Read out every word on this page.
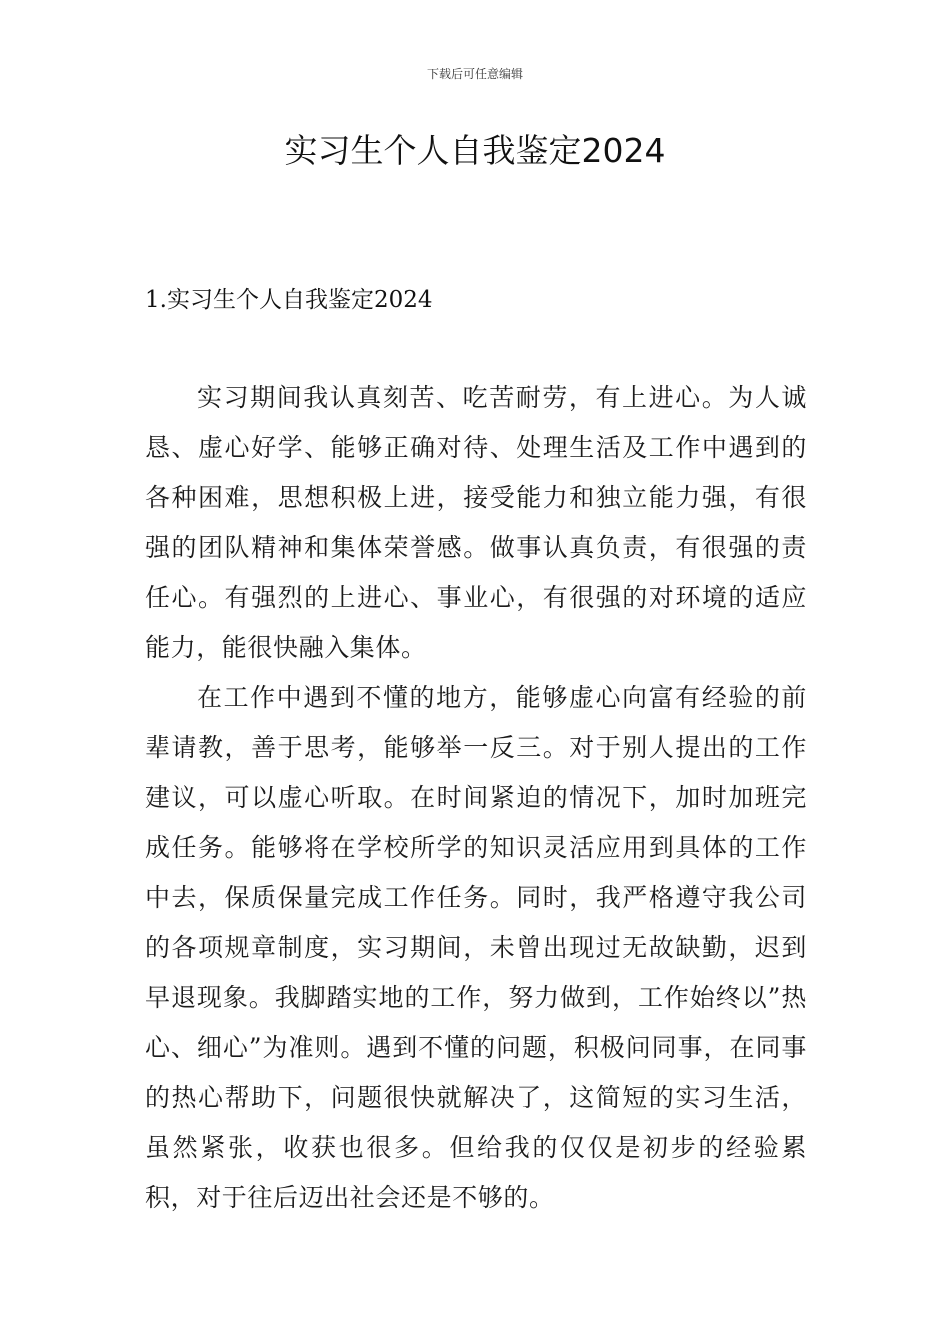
下载后可任意编辑
实习生个人自我鉴定2024
1.实习生个人自我鉴定2024

实习期间我认真刻苦、吃苦耐劳，有上进心。为人诚恳、虚心好学、能够正确对待、处理生活及工作中遇到的各种困难，思想积极上进，接受能力和独立能力强，有很强的团队精神和集体荣誉感。做事认真负责，有很强的责任心。有强烈的上进心、事业心，有很强的对环境的适应能力，能很快融入集体。

在工作中遇到不懂的地方，能够虚心向富有经验的前辈请教，善于思考，能够举一反三。对于别人提出的工作建议，可以虚心听取。在时间紧迫的情况下，加时加班完成任务。能够将在学校所学的知识灵活应用到具体的工作中去，保质保量完成工作任务。同时，我严格遵守我公司的各项规章制度，实习期间，未曾出现过无故缺勤，迟到早退现象。我脚踏实地的工作，努力做到，工作始终以”热心、细心”为准则。遇到不懂的问题，积极问同事，在同事的热心帮助下，问题很快就解决了，这简短的实习生活，虽然紧张，收获也很多。但给我的仅仅是初步的经验累积，对于往后迈出社会还是不够的。
